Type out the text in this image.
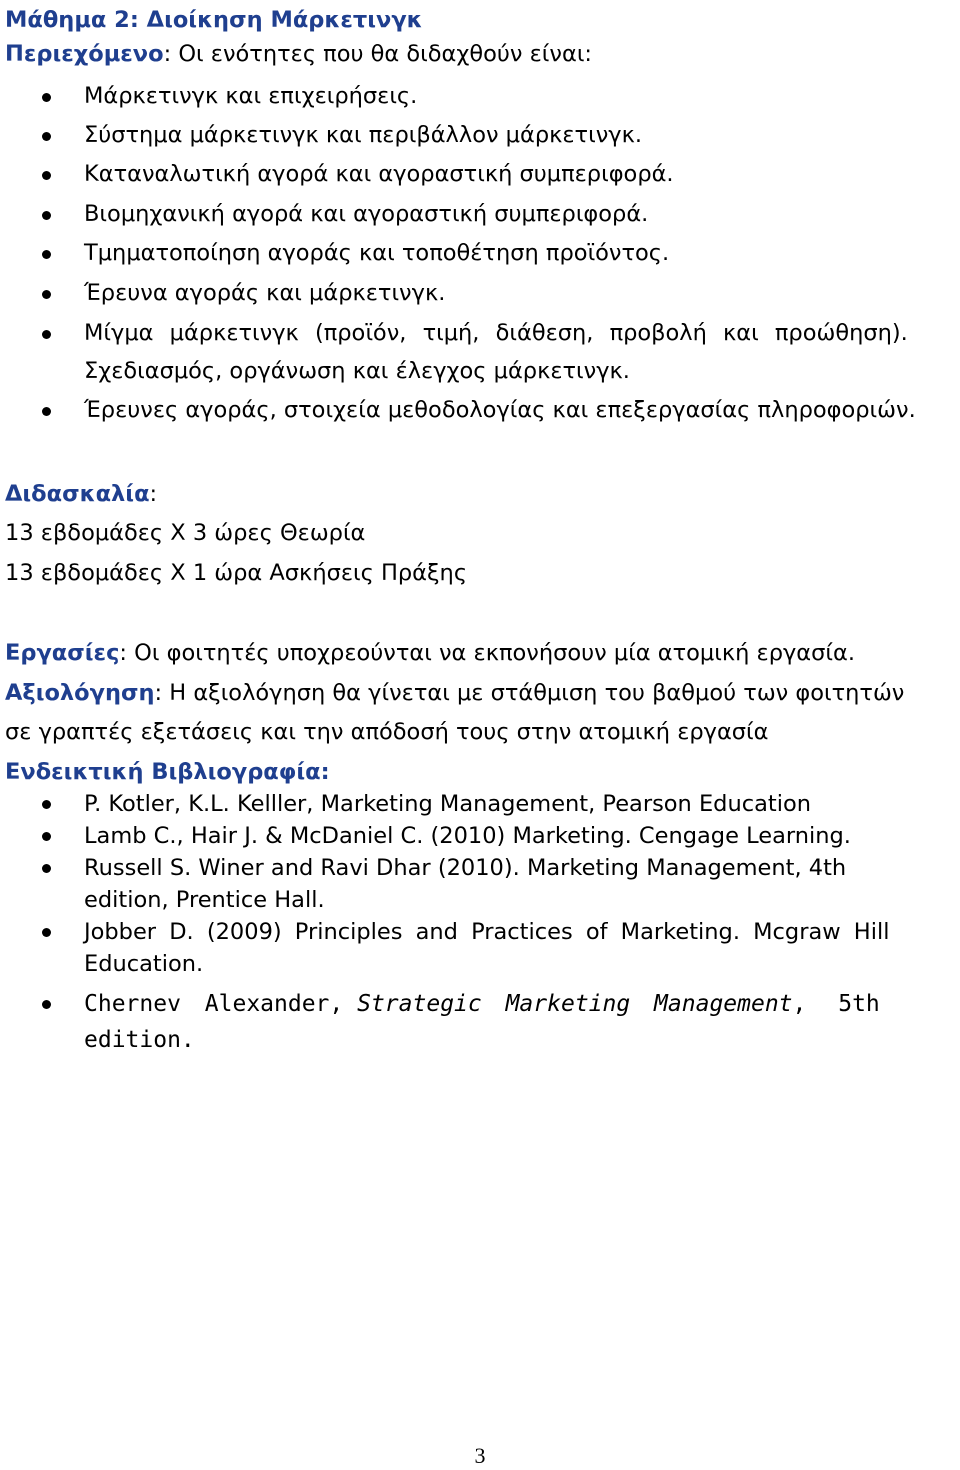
Μάθημα 2: Διοίκηση Μάρκετινγκ
Περιεχόμενο: Οι ενότητες που θα διδαχθούν είναι:
Μάρκετινγκ και επιχειρήσεις.
Σύστημα μάρκετινγκ και περιβάλλον μάρκετινγκ.
Καταναλωτική αγορά και αγοραστική συμπεριφορά.
Βιομηχανική αγορά και αγοραστική συμπεριφορά.
Τμηματοποίηση αγοράς και τοποθέτηση προϊόντος.
Έρευνα αγοράς και μάρκετινγκ.
Μίγμα μάρκετινγκ (προϊόν, τιμή, διάθεση, προβολή και προώθηση).
Σχεδιασμός, οργάνωση και έλεγχος μάρκετινγκ.
Έρευνες αγοράς, στοιχεία μεθοδολογίας και επεξεργασίας πληροφοριών.
Διδασκαλία:
13 εβδομάδες Χ 3 ώρες Θεωρία
13 εβδομάδες Χ 1 ώρα Ασκήσεις Πράξης
Εργασίες: Οι φοιτητές υποχρεούνται να εκπονήσουν μία ατομική εργασία.
Αξιολόγηση: Η αξιολόγηση θα γίνεται με στάθμιση του βαθμού των φοιτητών
σε γραπτές εξετάσεις και την απόδοσή τους στην ατομική εργασία
Ενδεικτική Βιβλιογραφία:
P. Kotler, K.L. Kelller, Marketing Management, Pearson Education
Lamb C., Hair J. & McDaniel C. (2010) Marketing. Cengage Learning.
Russell S. Winer and Ravi Dhar (2010). Marketing Management, 4th
edition, Prentice Hall.
Jobber D. (2009) Principles and Practices of Marketing. Mcgraw Hill
Education.
Chernev Alexander, Strategic Marketing Management, 5th edition.
3
